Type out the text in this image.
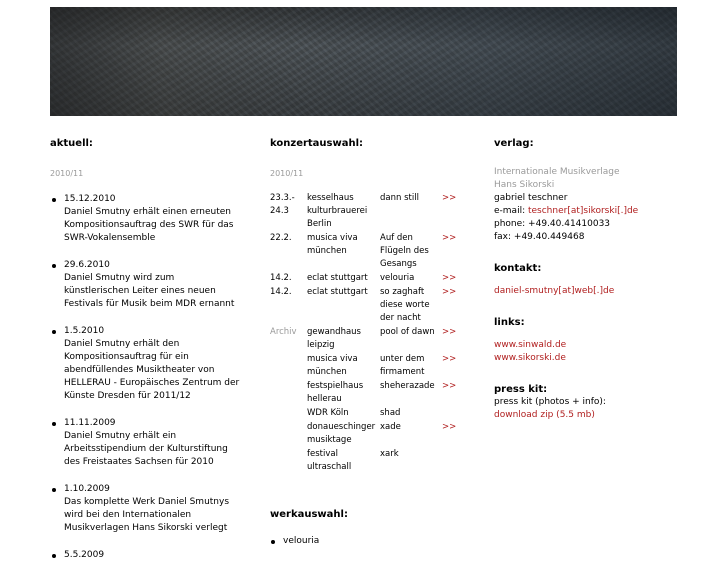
aktuell:
2010/11
15.12.2010
Daniel Smutny erhält einen erneuten Kompositionsauftrag des SWR für das SWR-Vokalensemble
29.6.2010
Daniel Smutny wird zum künstlerischen Leiter eines neuen Festivals für Musik beim MDR ernannt
1.5.2010
Daniel Smutny erhält den Kompositionsauftrag für ein abendfüllendes Musiktheater von HELLERAU - Europäisches Zentrum der Künste Dresden für 2011/12
11.11.2009
Daniel Smutny erhält ein Arbeitsstipendium der Kulturstiftung des Freistaates Sachsen für 2010
1.10.2009
Das komplette Werk Daniel Smutnys wird bei den Internationalen Musikverlagen Hans Sikorski verlegt
5.5.2009
konzertauswahl:
2010/11
23.3.-
24.3	kesselhaus kulturbrauerei Berlin	dann still	>>
22.2.	musica viva münchen	Auf den Flügeln des Gesangs	>>
14.2.	eclat stuttgart	velouria	>>
14.2.	eclat stuttgart	so zaghaft diese worte der nacht	>>
Archiv	gewandhaus leipzig	pool of dawn	>>
	musica viva münchen	unter dem firmament	>>
	festspielhaus hellerau	sheherazade	>>
	WDR Köln	shad	
	donaueschinger musiktage	xade	>>
	festival ultraschall	xark	
werkauswahl:
velouria
verlag:
Internationale Musikverlage
Hans Sikorski
gabriel teschner
e-mail: teschner[at]sikorski[.]de
phone: +49.40.41410033
fax: +49.40.449468
kontakt:
daniel-smutny[at]web[.]de
links:
www.sinwald.de
www.sikorski.de
press kit:
press kit (photos + info):
download zip (5.5 mb)
